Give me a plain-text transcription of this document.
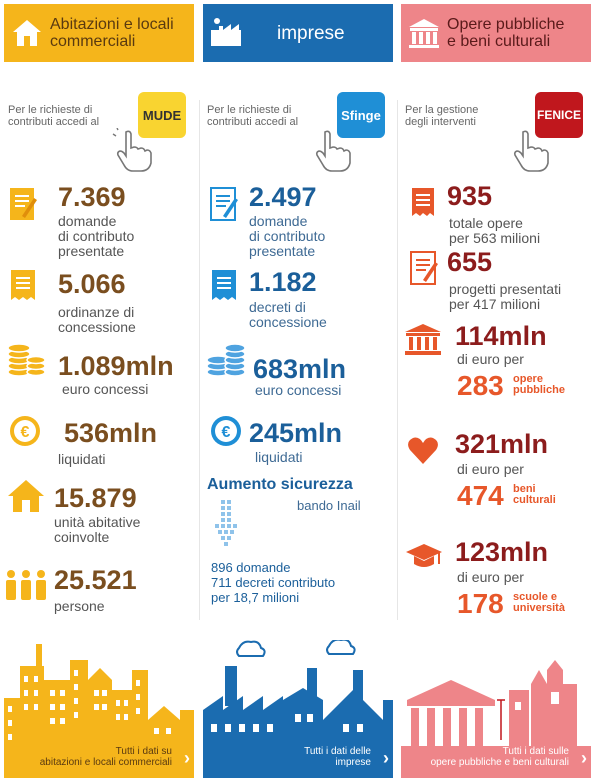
Abitazioni e locali
commerciali
Per le richieste di
contributi accedi al	MUDE
7.369
domande
di contributo
presentate
5.066
ordinanze di
concessione
1.089mln
euro concessi
€ 536mln
liquidati
15.879
unità abitative
coinvolte
25.521
persone
Tutti i dati su
abitazioni e locali commerciali ›
imprese
Per le richieste di
contributi accedi al	Sfinge
2.497
domande
di contributo
presentate
1.182
decreti di
concessione
683mln
euro concessi
€ 245mln
liquidati
Aumento sicurezza
bando Inail
896 domande
711 decreti contributo
per 18,7 milioni
Tutti i dati delle
imprese ›
Opere pubbliche
e beni culturali
Per la gestione
degli interventi	FENICE
935
totale opere
per 563 milioni
655
progetti presentati
per 417 milioni
114mln
di euro per
283 opere
pubbliche
321mln
di euro per
474 beni
culturali
123mln
di euro per
178 scuole e
università
Tutti i dati sulle
opere pubbliche e beni culturali ›
